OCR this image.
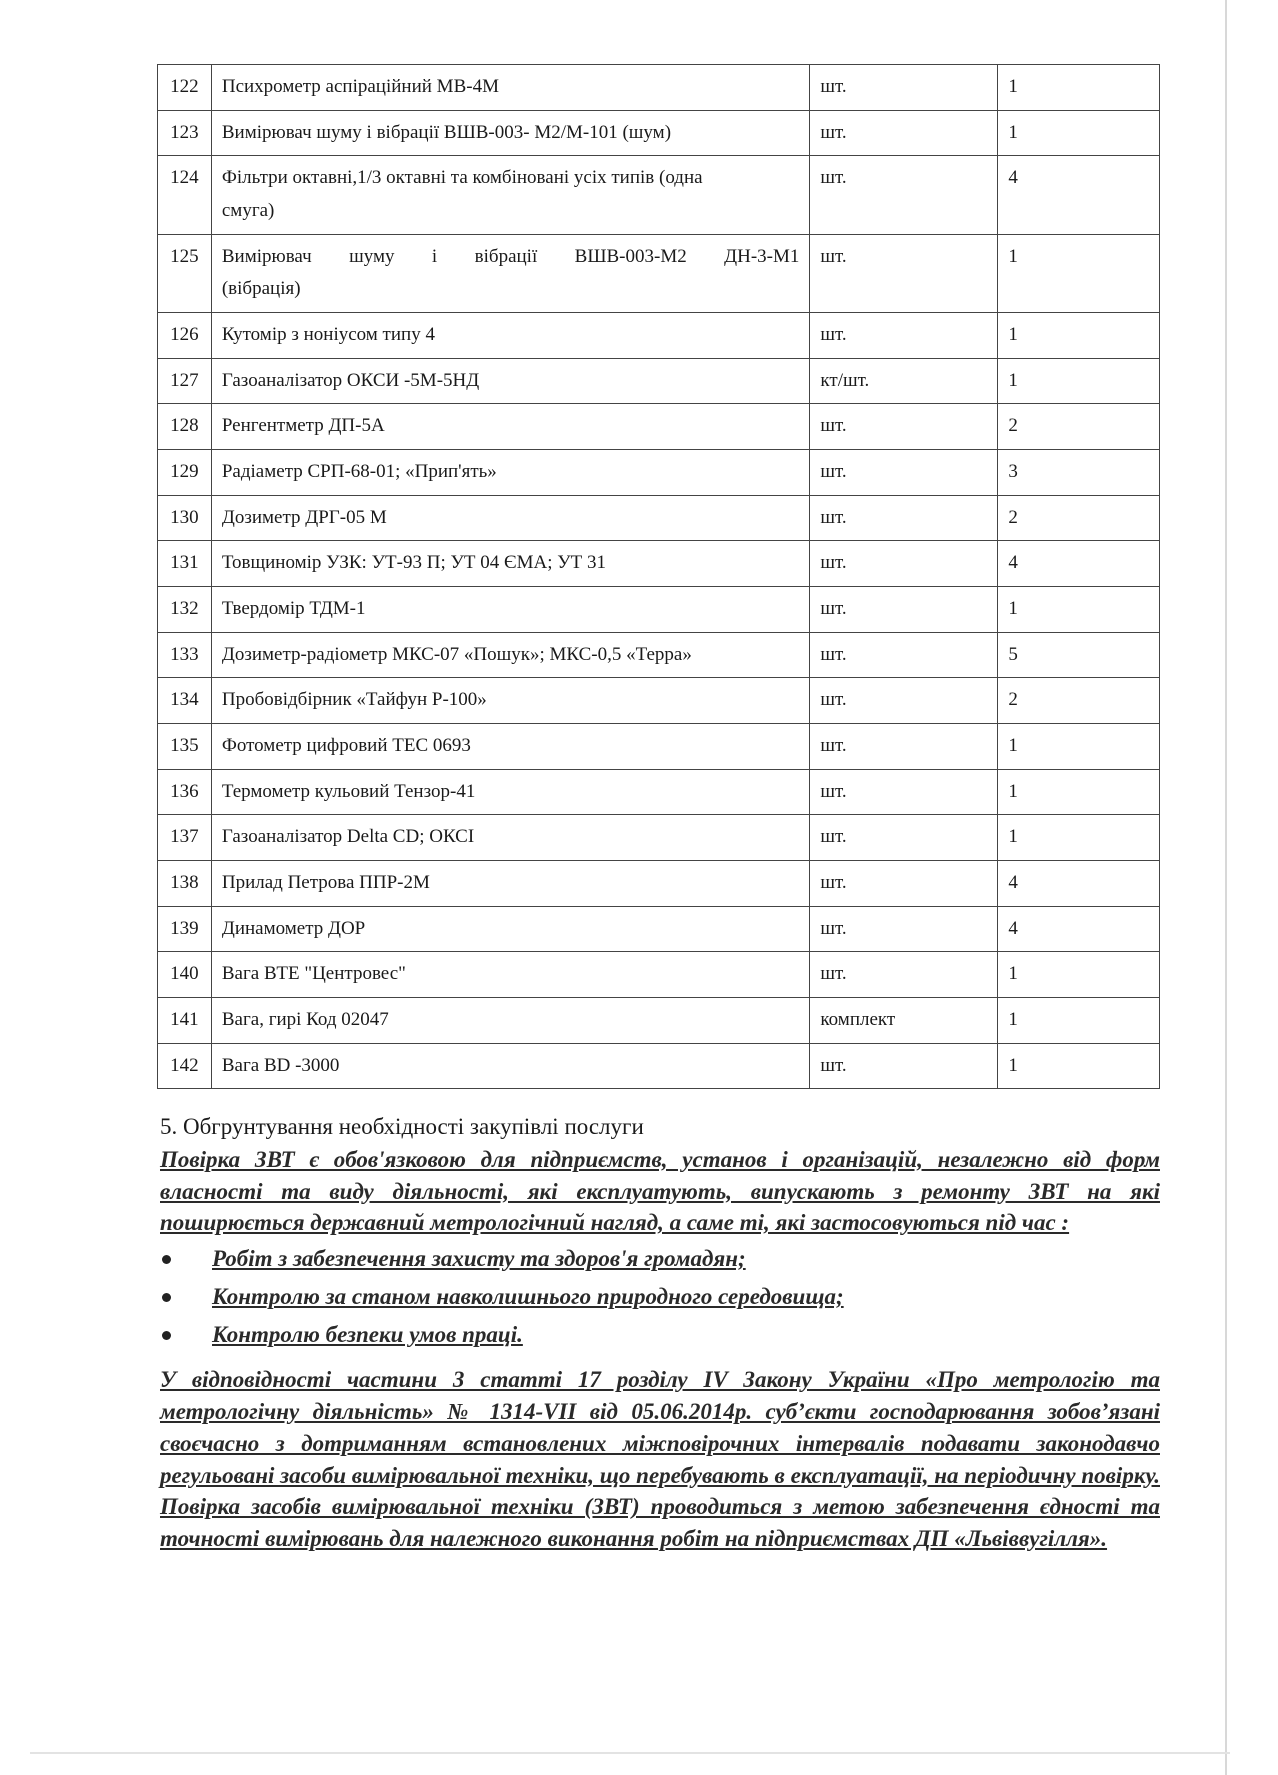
122	Психрометр аспіраційний МВ-4М	шт.	1
123	Вимірювач шуму і вібрації ВШВ-003- М2/М-101 (шум)	шт.	1
124	Фільтри октавні,1/3 октавні та комбіновані усіх типів (одна
смуга)	шт.	4
125	Вимірювач шуму і вібрації ВШВ-003-М2 ДН-3-М1
(вібрація)	шт.	1
126	Кутомір з ноніусом типу 4	шт.	1
127	Газоаналізатор ОКСИ -5М-5НД	кт/шт.	1
128	Ренгентметр ДП-5А	шт.	2
129	Радіаметр СРП-68-01; «Прип'ять»	шт.	3
130	Дозиметр ДРГ-05 М	шт.	2
131	Товщиномір УЗК: УТ-93 П; УТ 04 ЄМА; УТ 31	шт.	4
132	Твердомір ТДМ-1	шт.	1
133	Дозиметр-радіометр МКС-07 «Пошук»; МКС-0,5 «Терра»	шт.	5
134	Пробовідбірник «Тайфун Р-100»	шт.	2
135	Фотометр цифровий ТЕС 0693	шт.	1
136	Термометр кульовий Тензор-41	шт.	1
137	Газоаналізатор Delta CD; ОКСІ	шт.	1
138	Прилад Петрова ППР-2М	шт.	4
139	Динамометр ДОР	шт.	4
140	Вага ВТЕ "Центровес"	шт.	1
141	Вага, гирі Код 02047	комплект	1
142	Вага BD -3000	шт.	1
5. Обгрунтування необхідності закупівлі послуги

Повірка ЗВТ є обов'язковою для підприємств, установ і організацій, незалежно від форм власності та виду діяльності, які експлуатують, випускають з ремонту ЗВТ на які поширюється державний метрологічний нагляд, а саме ті, які застосовуються під час :

Робіт з забезпечення захисту та здоров'я громадян;
Контролю за станом навколишнього природного середовища;
Контролю безпеки умов праці.

У відповідності частини 3 статті 17 розділу IV Закону України «Про метрологію та метрологічну діяльність» № 1314-VII від 05.06.2014р. суб’єкти господарювання зобов’язані своєчасно з дотриманням встановлених міжповірочних інтервалів подавати законодавчо регульовані засоби вимірювальної техніки, що перебувають в експлуатації, на періодичну повірку. Повірка засобів вимірювальної техніки (ЗВТ) проводиться з метою забезпечення єдності та точності вимірювань для належного виконання робіт на підприємствах ДП «Львіввугілля».
